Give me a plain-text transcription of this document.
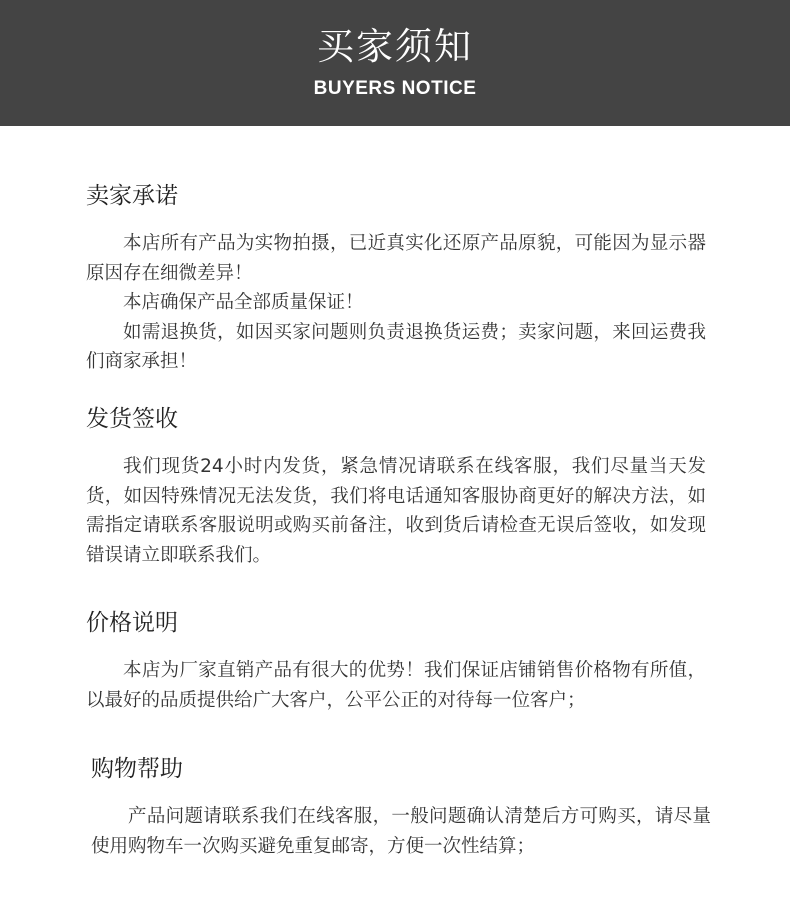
买家须知
BUYERS NOTICE
卖家承诺

本店所有产品为实物拍摄，已近真实化还原产品原貌，可能因为显示器原因存在细微差异！

本店确保产品全部质量保证！

如需退换货，如因买家问题则负责退换货运费；卖家问题，来回运费我们商家承担！

发货签收

我们现货24小时内发货，紧急情况请联系在线客服，我们尽量当天发货，如因特殊情况无法发货，我们将电话通知客服协商更好的解决方法，如需指定请联系客服说明或购买前备注，收到货后请检查无误后签收，如发现错误请立即联系我们。

价格说明

本店为厂家直销产品有很大的优势！我们保证店铺销售价格物有所值，以最好的品质提供给广大客户，公平公正的对待每一位客户；

购物帮助

产品问题请联系我们在线客服，一般问题确认清楚后方可购买，请尽量使用购物车一次购买避免重复邮寄，方便一次性结算；
